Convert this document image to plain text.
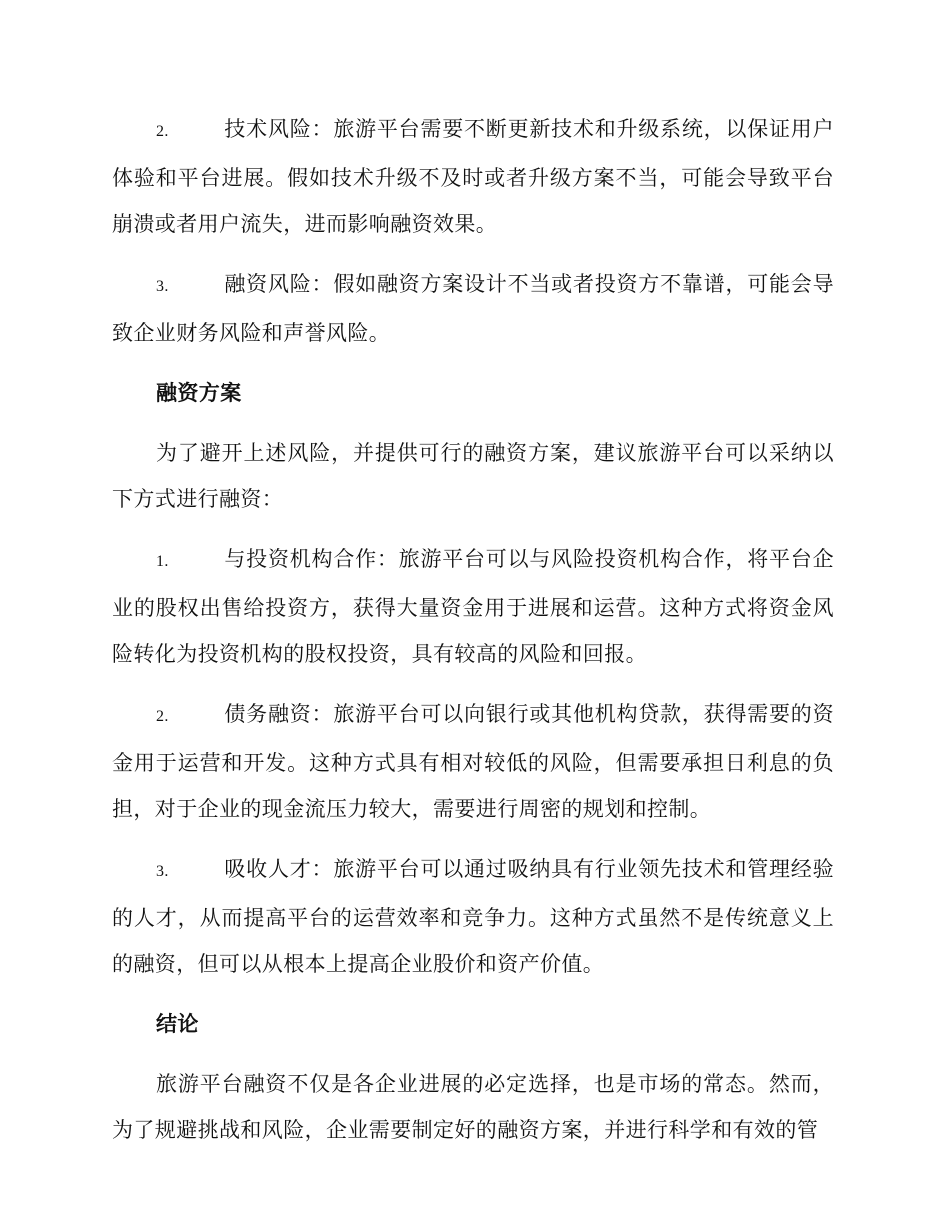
2.	技术风险：旅游平台需要不断更新技术和升级系统，以保证用户体验和平台进展。假如技术升级不及时或者升级方案不当，可能会导致平台崩溃或者用户流失，进而影响融资效果。

3.	融资风险：假如融资方案设计不当或者投资方不靠谱，可能会导致企业财务风险和声誉风险。

融资方案

为了避开上述风险，并提供可行的融资方案，建议旅游平台可以采纳以下方式进行融资：

1.	与投资机构合作：旅游平台可以与风险投资机构合作，将平台企业的股权出售给投资方，获得大量资金用于进展和运营。这种方式将资金风险转化为投资机构的股权投资，具有较高的风险和回报。

2.	债务融资：旅游平台可以向银行或其他机构贷款，获得需要的资金用于运营和开发。这种方式具有相对较低的风险，但需要承担日利息的负担，对于企业的现金流压力较大，需要进行周密的规划和控制。

3.	吸收人才：旅游平台可以通过吸纳具有行业领先技术和管理经验的人才，从而提高平台的运营效率和竞争力。这种方式虽然不是传统意义上的融资，但可以从根本上提高企业股价和资产价值。

结论

旅游平台融资不仅是各企业进展的必定选择，也是市场的常态。然而，为了规避挑战和风险，企业需要制定好的融资方案，并进行科学和有效的管
